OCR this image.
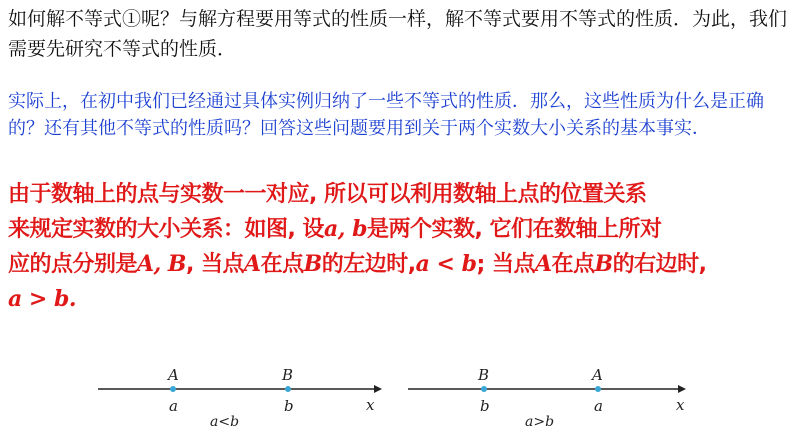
如何解不等式①呢？与解方程要用等式的性质一样，解不等式要用不等式的性质．为此，我们需要先研究不等式的性质．
实际上，在初中我们已经通过具体实例归纳了一些不等式的性质．那么，这些性质为什么是正确的？还有其他不等式的性质吗？回答这些问题要用到关于两个实数大小关系的基本事实．
由于数轴上的点与实数一一对应, 所以可以利用数轴上点的位置关系
来规定实数的大小关系：如图, 设a, b是两个实数, 它们在数轴上所对
应的点分别是A, B, 当点A在点B的左边时,a < b; 当点A在点B的右边时,
a > b.
x
A
a
B
b
a<b
x
B
b
A
a
a>b
